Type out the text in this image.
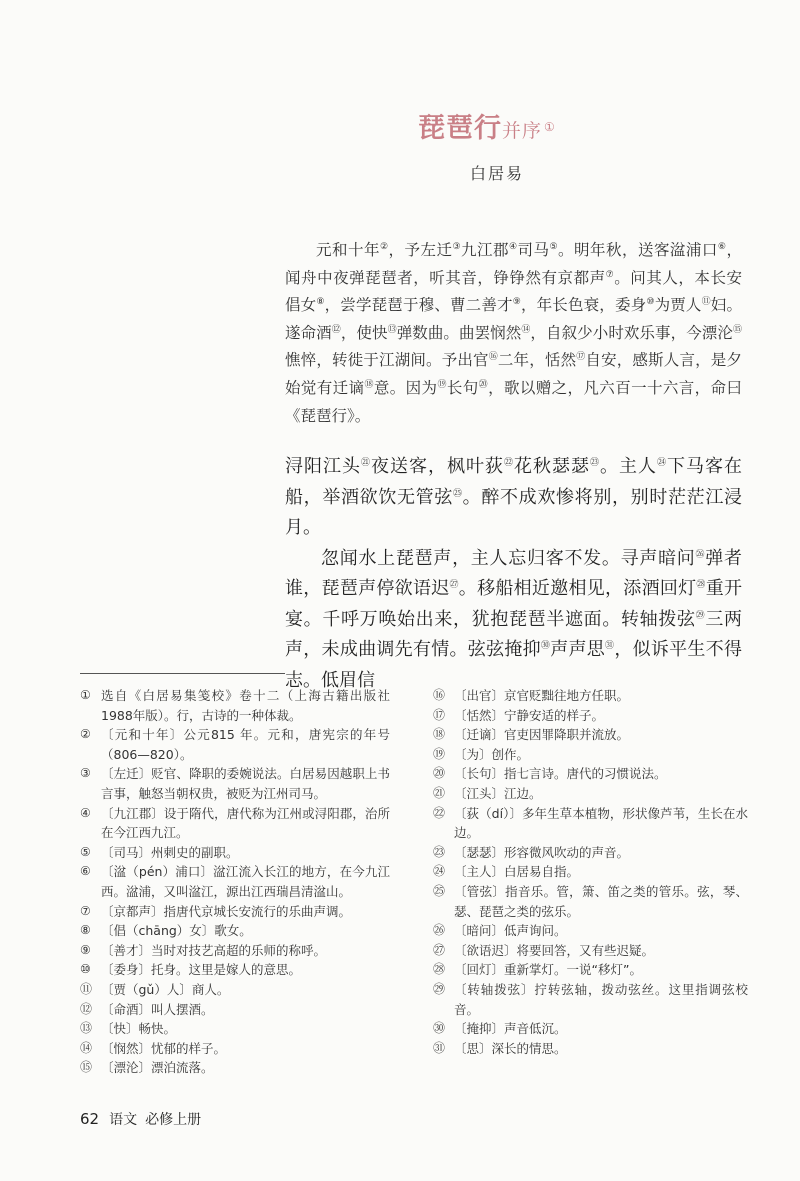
琵琶行并序 ①
白居易

元和十年②，予左迁③九江郡④司马⑤。明年秋，送客湓浦口⑥，闻舟中夜弹琵琶者，听其音，铮铮然有京都声⑦。问其人，本长安倡女⑧，尝学琵琶于穆、曹二善才⑨，年长色衰，委身⑩为贾人⑪妇。遂命酒⑫，使快⑬弹数曲。曲罢悯然⑭，自叙少小时欢乐事，今漂沦⑮憔悴，转徙于江湖间。予出官⑯二年，恬然⑰自安，感斯人言，是夕始觉有迁谪⑱意。因为⑲长句⑳，歌以赠之，凡六百一十六言，命曰《琵琶行》。

浔阳江头$^㉑$夜送客，枫叶荻$^㉒$花秋瑟瑟$^㉓$。主人$^㉔$下马客在船，举酒欲饮无管弦$^㉕$。醉不成欢惨将别，别时茫茫江浸月。

忽闻水上琵琶声，主人忘归客不发。寻声暗问$^㉖$弹者谁，琵琶声停欲语迟$^㉗$。移船相近邀相见，添酒回灯$^㉘$重开宴。千呼万唤始出来，犹抱琵琶半遮面。转轴拨弦$^㉙$三两声，未成曲调先有情。弦弦掩抑$^㉚$声声思$^㉛$，似诉平生不得志。低眉信

① 选自《白居易集笺校》卷十二（上海古籍出版社1988年版）。行，古诗的一种体裁。
② 〔元和十年〕公元815 年。元和，唐宪宗的年号（806—820）。
③ 〔左迁〕贬官、降职的委婉说法。白居易因越职上书言事，触怒当朝权贵，被贬为江州司马。
④ 〔九江郡〕设于隋代，唐代称为江州或浔阳郡，治所在今江西九江。
⑤ 〔司马〕州刺史的副职。
⑥ 〔湓（pén）浦口〕湓江流入长江的地方，在今九江西。湓浦，又叫湓江，源出江西瑞昌清湓山。
⑦ 〔京都声〕指唐代京城长安流行的乐曲声调。
⑧ 〔倡（chāng）女〕歌女。
⑨ 〔善才〕当时对技艺高超的乐师的称呼。
⑩ 〔委身〕托身。这里是嫁人的意思。
⑪ 〔贾（gǔ）人〕商人。
⑫ 〔命酒〕叫人摆酒。
⑬ 〔快〕畅快。
⑭ 〔悯然〕忧郁的样子。
⑮ 〔漂沦〕漂泊流落。
⑯ 〔出官〕京官贬黜往地方任职。
⑰ 〔恬然〕宁静安适的样子。
⑱ 〔迁谪〕官吏因罪降职并流放。
⑲ 〔为〕创作。
⑳ 〔长句〕指七言诗。唐代的习惯说法。
㉑ 〔江头〕江边。
㉒ 〔荻（dí）〕多年生草本植物，形状像芦苇，生长在水边。
㉓ 〔瑟瑟〕形容微风吹动的声音。
㉔ 〔主人〕白居易自指。
㉕ 〔管弦〕指音乐。管，箫、笛之类的管乐。弦，琴、瑟、琵琶之类的弦乐。
㉖ 〔暗问〕低声询问。
㉗ 〔欲语迟〕将要回答，又有些迟疑。
㉘ 〔回灯〕重新掌灯。一说“移灯”。
㉙ 〔转轴拨弦〕拧转弦轴，拨动弦丝。这里指调弦校音。
㉚ 〔掩抑〕声音低沉。
㉛ 〔思〕深长的情思。
62 语文 必修上册
